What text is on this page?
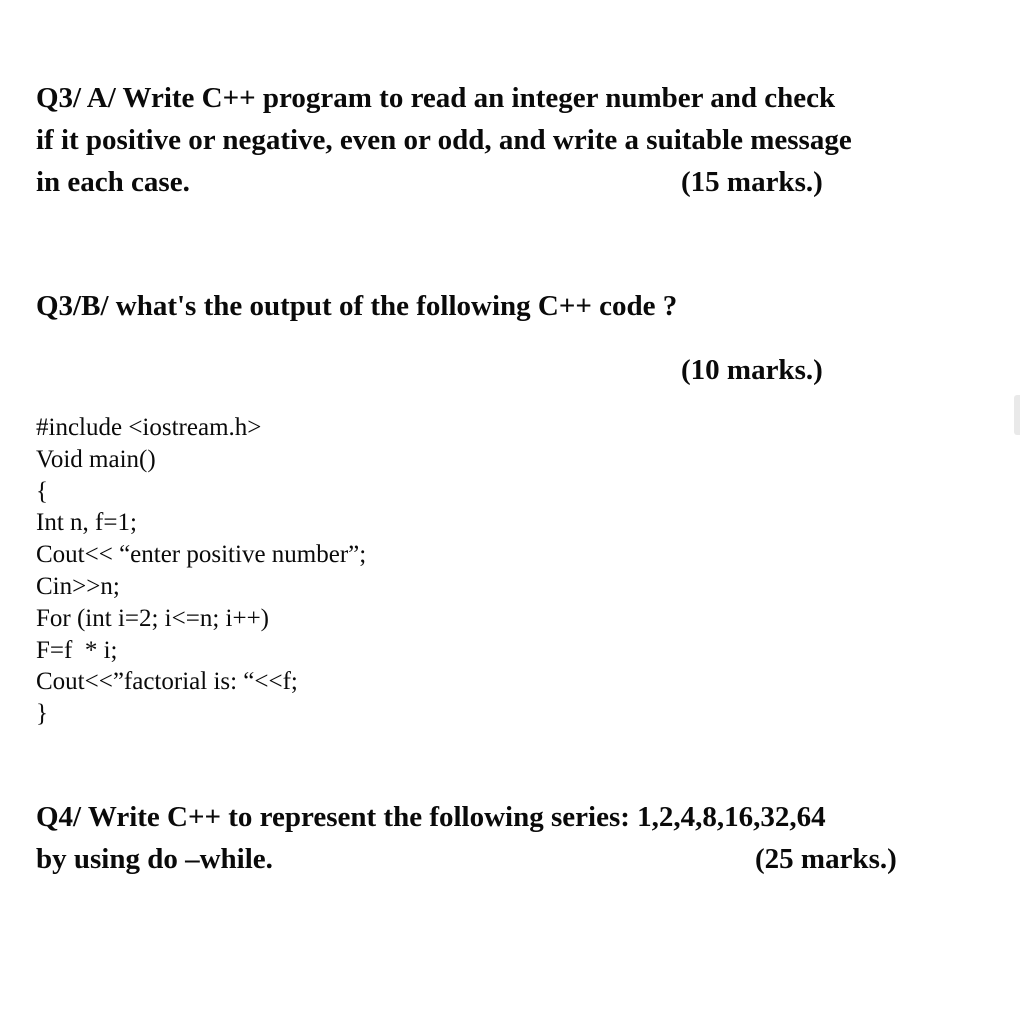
Q3/ A/ Write C++ program to read an integer number and check
if it positive or negative, even or odd, and write a suitable message
in each case.	(15 marks.)
Q3/B/ what's the output of the following C++ code ?
(10 marks.)
#include <iostream.h>
Void main()
{
Int n, f=1;
Cout<< “enter positive number”;
Cin>>n;
For (int i=2; i<=n; i++)
F=f  * i;
Cout<<”factorial is: “<<f;
}
Q4/ Write C++ to represent the following series: 1,2,4,8,16,32,64
by using do –while.	(25 marks.)
